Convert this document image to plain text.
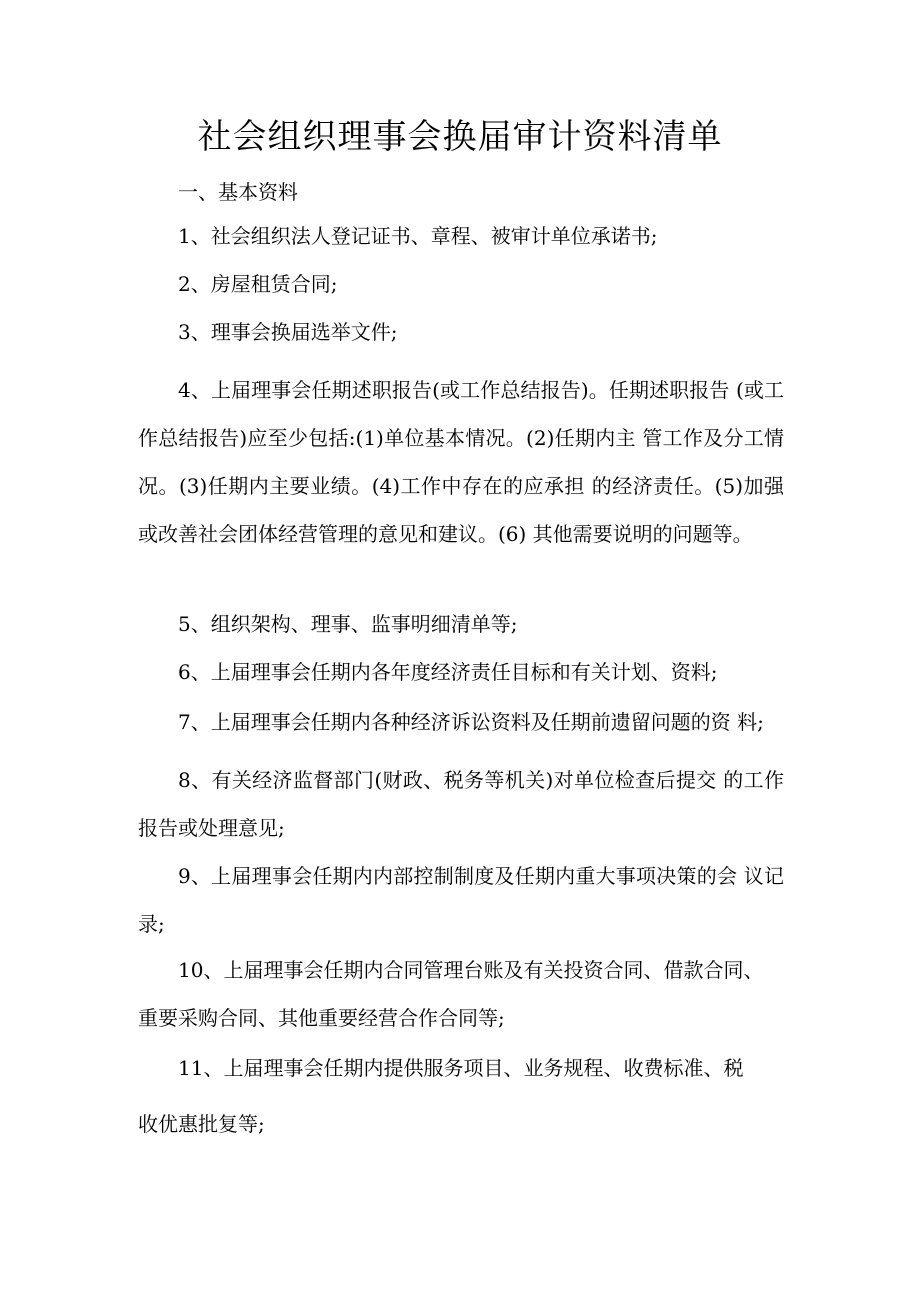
社会组织理事会换届审计资料清单
一、基本资料
1、社会组织法人登记证书、章程、被审计单位承诺书;
2、房屋租赁合同;
3、理事会换届选举文件;
4、上届理事会任期述职报告(或工作总结报告)。任期述职报告 (或工作总结报告)应至少包括:(1)单位基本情况。(2)任期内主 管工作及分工情况。(3)任期内主要业绩。(4)工作中存在的应承担 的经济责任。(5)加强或改善社会团体经营管理的意见和建议。(6) 其他需要说明的问题等。
5、组织架构、理事、监事明细清单等;
6、上届理事会任期内各年度经济责任目标和有关计划、资料;
7、上届理事会任期内各种经济诉讼资料及任期前遗留问题的资 料;
8、有关经济监督部门(财政、税务等机关)对单位检查后提交 的工作报告或处理意见;
9、上届理事会任期内内部控制制度及任期内重大事项决策的会 议记录;
10、上届理事会任期内合同管理台账及有关投资合同、借款合同、
重要采购合同、其他重要经营合作合同等;
11、上届理事会任期内提供服务项目、业务规程、收费标准、税
收优惠批复等;
